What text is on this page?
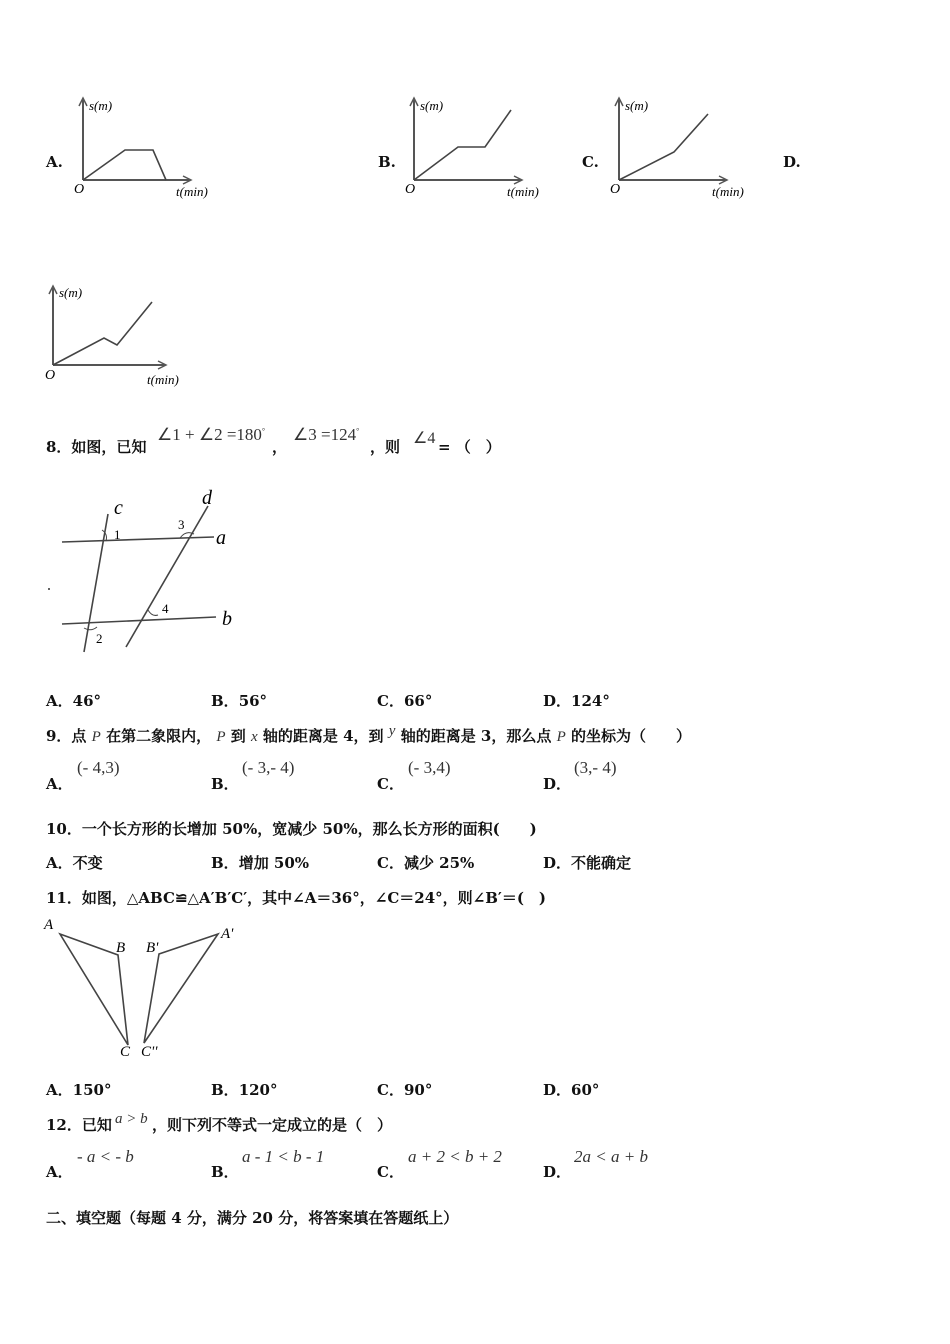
A.	B.	C.	D.
s(m)
O	t(min)
s(m)
O	t(min)
s(m)
O	t(min)
s(m)
O	t(min)
8．如图，已知
∠1 + ∠2 =180°
，
∠3 =124°
，则 ∠4 = （　）
c	d
a
b
1
2
3
4
A．46°	B．56°	C．66°	D．124°
9．点 P 在第二象限内， P 到 x 轴的距离是 4，到 y 轴的距离是 3，那么点 P 的坐标为（　　）
A．
(- 4,3)
B．
(- 3,- 4)
C．
(- 3,4)
D．
(3,- 4)
10．一个长方形的长增加 50%，宽减少 50%，那么长方形的面积(　　)
A．不变	B．增加 50%	C．减少 25%	D．不能确定
11．如图，△ABC≌△A′B′C′，其中∠A＝36°，∠C＝24°，则∠B′＝(　)
A
B
C
B'
A'
C''
A．150°	B．120°	C．90°	D．60°
12．已知 a > b ，则下列不等式一定成立的是（　）
A．
- a < - b
B．
a - 1 < b - 1
C．
a + 2 < b + 2
D．
2a < a + b
二、填空题（每题 4 分，满分 20 分，将答案填在答题纸上）
